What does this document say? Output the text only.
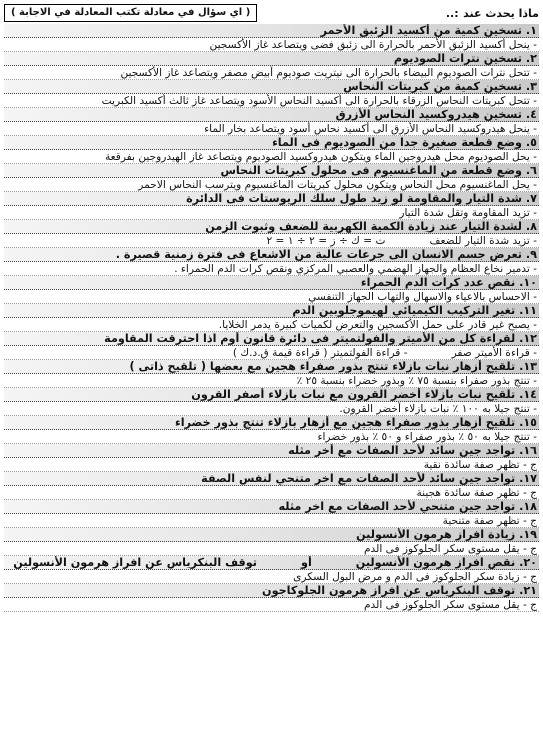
ماذا يحدث عند :..
( اي سؤال في معادلة تكتب المعادلة في الاجابة )
١. تسخين كمية من أكسيد الزئبق الأحمر
- ينحل أكسيد الزئبق الأحمر بالحرارة الى زئبق فضى ويتصاعد غاز الأكسجين
٢. تسخين نترات الصوديوم
- تتحل نترات الصوديوم البيضاء بالحرارة الى نيتريت صوديوم أبيض مصفر ويتصاعد غاز الأكسجين
٣. تسخين كمية من كبريتات النحاس
- تتحل كبريتات النحاس الزرقاء بالحرارة الى أكسيد النحاس الأسود ويتصاعد غاز ثالث أكسيد الكبريت
٤. تسخين هيدروكسيد النحاس الأزرق
- ينحل هيدروكسيد النحاس الأزرق الى أكسيد نحاس أسود ويتصاعد بخار الماء
٥. وضع قطعة صغيرة جدا من الصوديوم فى الماء
- يحل الصوديوم محل هيدروجين الماء ويتكون هيدروكسيد الصوديوم ويتصاعد غاز الهيدروجين بفرقعة
٦. وضع قطعة من الماغنسيوم فى محلول كبريتات النحاس
- يحل الماغنسيوم محل النحاس ويتكون محلول كبريتات الماغنسيوم ويترسب النحاس الاحمر
٧. شدة التيار والمقاومة لو زيد طول سلك الريوستات فى الدائرة
- تزيد المقاومة وتقل شدة التيار
٨. لشدة التيار عند زيادة الكمية الكهربية للضعف وثبوت الزمن
- تزيد شدة التيار للضعفت = ك ÷ ز = ٢ ÷ ١ = ٢
٩. تعرض جسم الانسان الى جرعات عالية من الاشعاع فى فترة زمنية قصيرة .
- تدمير نخاع العظام والجهاز الهضمي والعصبي المركزي ونقص كرات الدم الحمراء .
١٠. نقص عدد كرات الدم الحمراء
- الاحساس بالاعياء والاسهال والتهاب الجهاز التنفسي
١١. تغير التركيب الكيميائي لهيموجلوبين الدم
- يصبح غير قادر على حمل الأكسجين والتعرض لكميات كبيرة يدمر الخلايا.
١٢. لقراءة كل من الأميتر والفولتميتر فى دائرة قانون أوم اذا احترقت المقاومة
- قراءة الأميتر صفر- قراءة الفولتميتر ( قراءة قيمة ق.د.ك )
١٣. تلقيح أزهار نبات بازلاء تنتج بذور صفراء هجين مع بعضها ( تلقيح ذاتى )
- تنتج بذور صفراء بنسبة ٧٥ ٪ وبذور خضراء بنسبة ٢٥ ٪
١٤. تلقيح نبات بازلاء أخضر القرون مع نبات بازلاء أصفر القرون
- تنتج جيلا به ١٠٠ ٪ نبات بازلاء أخضر القرون.
١٥. تلقيح أزهار بذور صفراء هجين مع أزهار بازلاء تنتج بذور خضراء
- تنتج جيلا به ٥٠ ٪ بذور صفراء و ٥٠ ٪ بذور خضراء
١٦. تواجد جين سائد لأحد الصفات مع أخر مثله
ج - تظهر صفة سائدة نقية
١٧. تواجد جين سائد لأحد الصفات مع اخر متنحي لنفس الصفة
ج - تظهر صفة سائدة هجينة
١٨. تواجد جين متنحي لأحد الصفات مع اخر مثله
ج - تظهر صفة متنحية
١٩. زيادة افراز هرمون الأنسولين
ج - يقل مستوى سكر الجلوكوز فى الدم
٢٠. نقص افراز هرمون الأنسولينأوتوقف البنكرياس عن افراز هرمون الأنسولين
ج - زيادة سكر الجلوكوز فى الدم و مرض البول السكرى
٢١. توقف البنكرياس عن افراز هرمون الجلوكاجون
ج - يقل مستوى سكر الجلوكوز فى الدم
